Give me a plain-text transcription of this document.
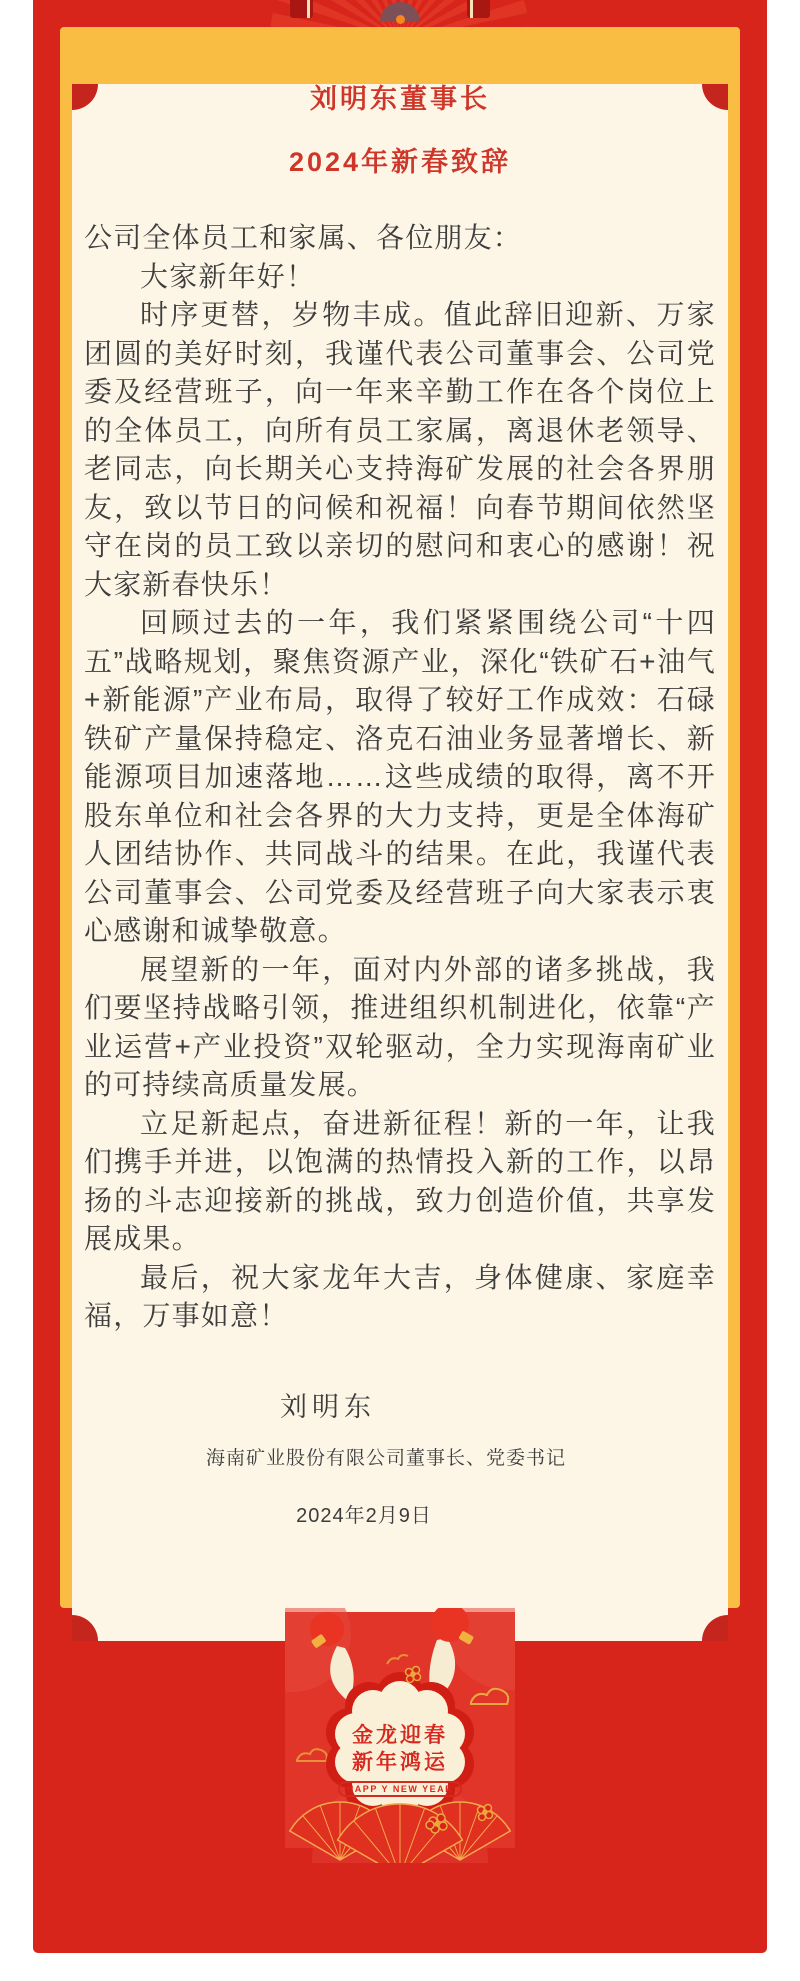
刘明东董事长
2024年新春致辞

公司全体员工和家属、各位朋友：

大家新年好！

时序更替，岁物丰成。值此辞旧迎新、万家团圆的美好时刻，我谨代表公司董事会、公司党委及经营班子，向一年来辛勤工作在各个岗位上的全体员工，向所有员工家属，离退休老领导、老同志，向长期关心支持海矿发展的社会各界朋友，致以节日的问候和祝福！向春节期间依然坚守在岗的员工致以亲切的慰问和衷心的感谢！祝大家新春快乐！

回顾过去的一年，我们紧紧围绕公司“十四五”战略规划，聚焦资源产业，深化“铁矿石+油气+新能源”产业布局，取得了较好工作成效：石碌铁矿产量保持稳定、洛克石油业务显著增长、新能源项目加速落地……这些成绩的取得，离不开股东单位和社会各界的大力支持，更是全体海矿人团结协作、共同战斗的结果。在此，我谨代表公司董事会、公司党委及经营班子向大家表示衷心感谢和诚挚敬意。

展望新的一年，面对内外部的诸多挑战，我们要坚持战略引领，推进组织机制进化，依靠“产业运营+产业投资”双轮驱动，全力实现海南矿业的可持续高质量发展。

立足新起点，奋进新征程！新的一年，让我们携手并进，以饱满的热情投入新的工作，以昂扬的斗志迎接新的挑战，致力创造价值，共享发展成果。

最后，祝大家龙年大吉，身体健康、家庭幸福，万事如意！

刘明东
海南矿业股份有限公司董事长、党委书记
2024年2月9日
金龙迎春
新年鸿运
HAPP Y NEW YEAR
